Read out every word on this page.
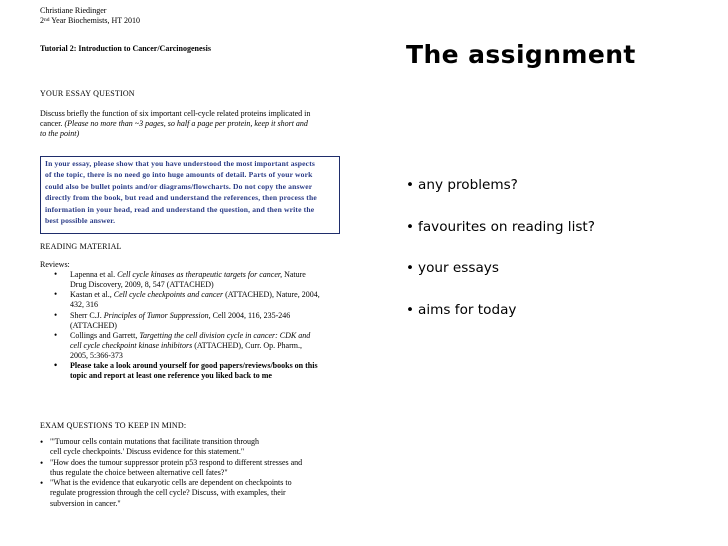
Christiane Riedinger

2nd Year Biochemists, HT 2010

Tutorial 2: Introduction to Cancer/Carcinogenesis

YOUR ESSAY QUESTION

Discuss briefly the function of six important cell-cycle related proteins implicated in
cancer. (Please no more than ~3 pages, so half a page per protein, keep it short and
to the point)
In your essay, please show that you have understood the most important aspects
of the topic, there is no need go into huge amounts of detail. Parts of your work
could also be bullet points and/or diagrams/flowcharts. Do not copy the answer
directly from the book, but read and understand the references, then process the
information in your head, read and understand the question, and then write the
best possible answer.

READING MATERIAL

Reviews:

• Lapenna et al. Cell cycle kinases as therapeutic targets for cancer, Nature
Drug Discovery, 2009, 8, 547 (ATTACHED)
• Kastan et al., Cell cycle checkpoints and cancer (ATTACHED), Nature, 2004,
432, 316
• Sherr C.J. Principles of Tumor Suppression, Cell 2004, 116, 235-246
(ATTACHED)
• Collings and Garrett, Targetting the cell division cycle in cancer: CDK and
cell cycle checkpoint kinase inhibitors (ATTACHED), Curr. Op. Pharm.,
2005, 5:366-373
• Please take a look around yourself for good papers/reviews/books on this
topic and report at least one reference you liked back to me

EXAM QUESTIONS TO KEEP IN MIND:

• "'Tumour cells contain mutations that facilitate transition through
cell cycle checkpoints.' Discuss evidence for this statement."
• "How does the tumour suppressor protein p53 respond to different stresses and
thus regulate the choice between alternative cell fates?"
• "What is the evidence that eukaryotic cells are dependent on checkpoints to
regulate progression through the cell cycle? Discuss, with examples, their
subversion in cancer."
The assignment
• any problems?
• favourites on reading list?
• your essays
• aims for today
